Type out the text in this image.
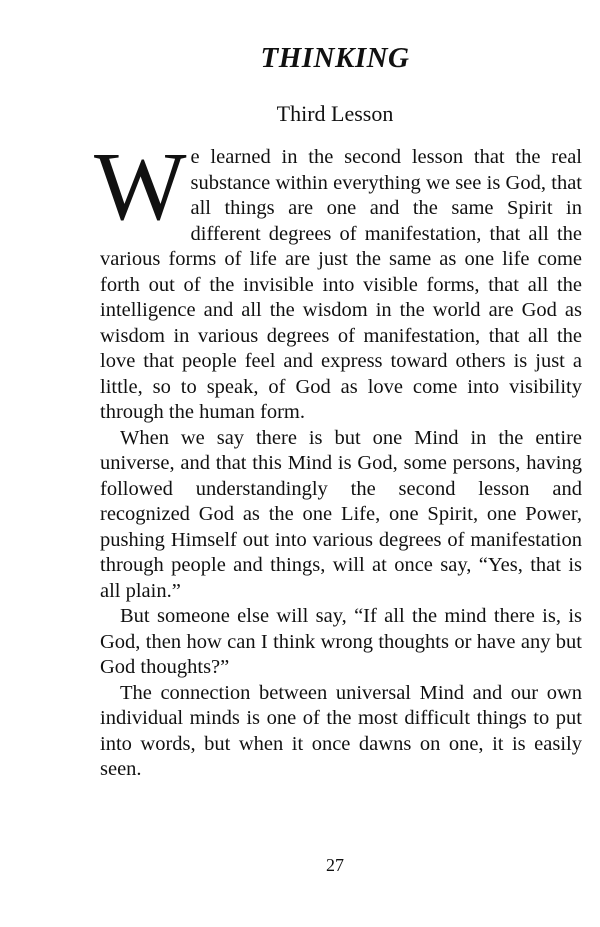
THINKING
Third Lesson

We learned in the second lesson that the real substance within everything we see is God, that all things are one and the same Spirit in different degrees of manifestation, that all the various forms of life are just the same as one life come forth out of the invisible into visible forms, that all the intelligence and all the wisdom in the world are God as wisdom in various degrees of manifestation, that all the love that people feel and express toward others is just a little, so to speak, of God as love come into visibility through the human form.

When we say there is but one Mind in the entire universe, and that this Mind is God, some persons, having followed understandingly the second lesson and recognized God as the one Life, one Spirit, one Power, pushing Himself out into various degrees of manifestation through people and things, will at once say, “Yes, that is all plain.”

But someone else will say, “If all the mind there is, is God, then how can I think wrong thoughts or have any but God thoughts?”

The connection between universal Mind and our own individual minds is one of the most difficult things to put into words, but when it once dawns on one, it is easily seen.

27
